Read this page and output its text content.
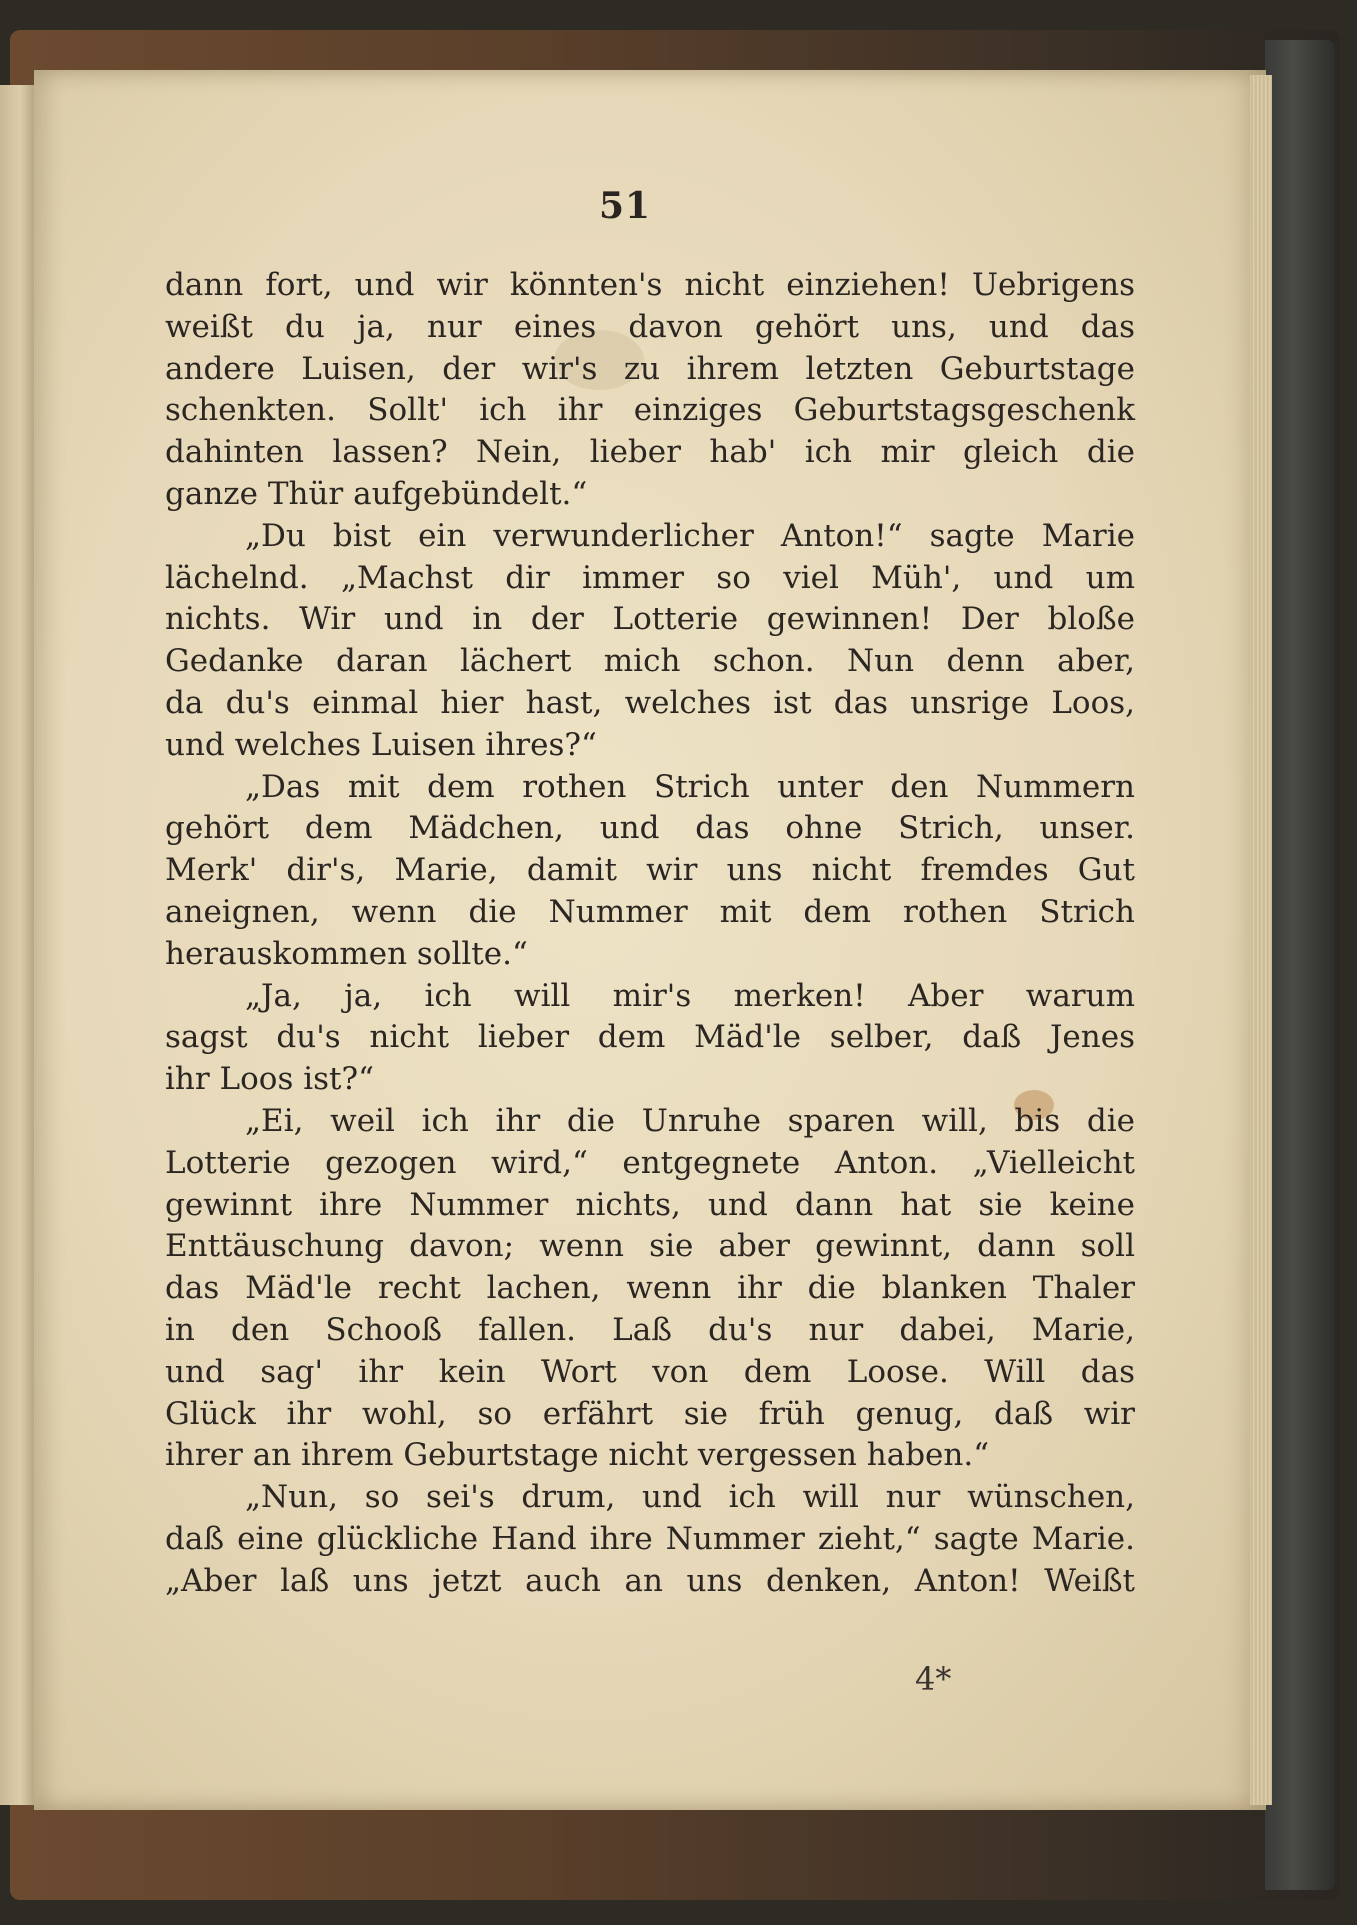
51
dann fort, und wir könnten's nicht einziehen! Uebrigens
weißt du ja, nur eines davon gehört uns, und das
andere Luisen, der wir's zu ihrem letzten Geburtstage
schenkten. Sollt' ich ihr einziges Geburtstagsgeschenk
dahinten lassen? Nein, lieber hab' ich mir gleich die
ganze Thür aufgebündelt.“
„Du bist ein verwunderlicher Anton!“ sagte Marie
lächelnd. „Machst dir immer so viel Müh', und um
nichts. Wir und in der Lotterie gewinnen! Der bloße
Gedanke daran lächert mich schon. Nun denn aber,
da du's einmal hier hast, welches ist das unsrige Loos,
und welches Luisen ihres?“
„Das mit dem rothen Strich unter den Nummern
gehört dem Mädchen, und das ohne Strich, unser.
Merk' dir's, Marie, damit wir uns nicht fremdes Gut
aneignen, wenn die Nummer mit dem rothen Strich
herauskommen sollte.“
„Ja, ja, ich will mir's merken! Aber warum
sagst du's nicht lieber dem Mäd'le selber, daß Jenes
ihr Loos ist?“
„Ei, weil ich ihr die Unruhe sparen will, bis die
Lotterie gezogen wird,“ entgegnete Anton. „Vielleicht
gewinnt ihre Nummer nichts, und dann hat sie keine
Enttäuschung davon; wenn sie aber gewinnt, dann soll
das Mäd'le recht lachen, wenn ihr die blanken Thaler
in den Schooß fallen. Laß du's nur dabei, Marie,
und sag' ihr kein Wort von dem Loose. Will das
Glück ihr wohl, so erfährt sie früh genug, daß wir
ihrer an ihrem Geburtstage nicht vergessen haben.“
„Nun, so sei's drum, und ich will nur wünschen,
daß eine glückliche Hand ihre Nummer zieht,“ sagte Marie.
„Aber laß uns jetzt auch an uns denken, Anton! Weißt
4*
